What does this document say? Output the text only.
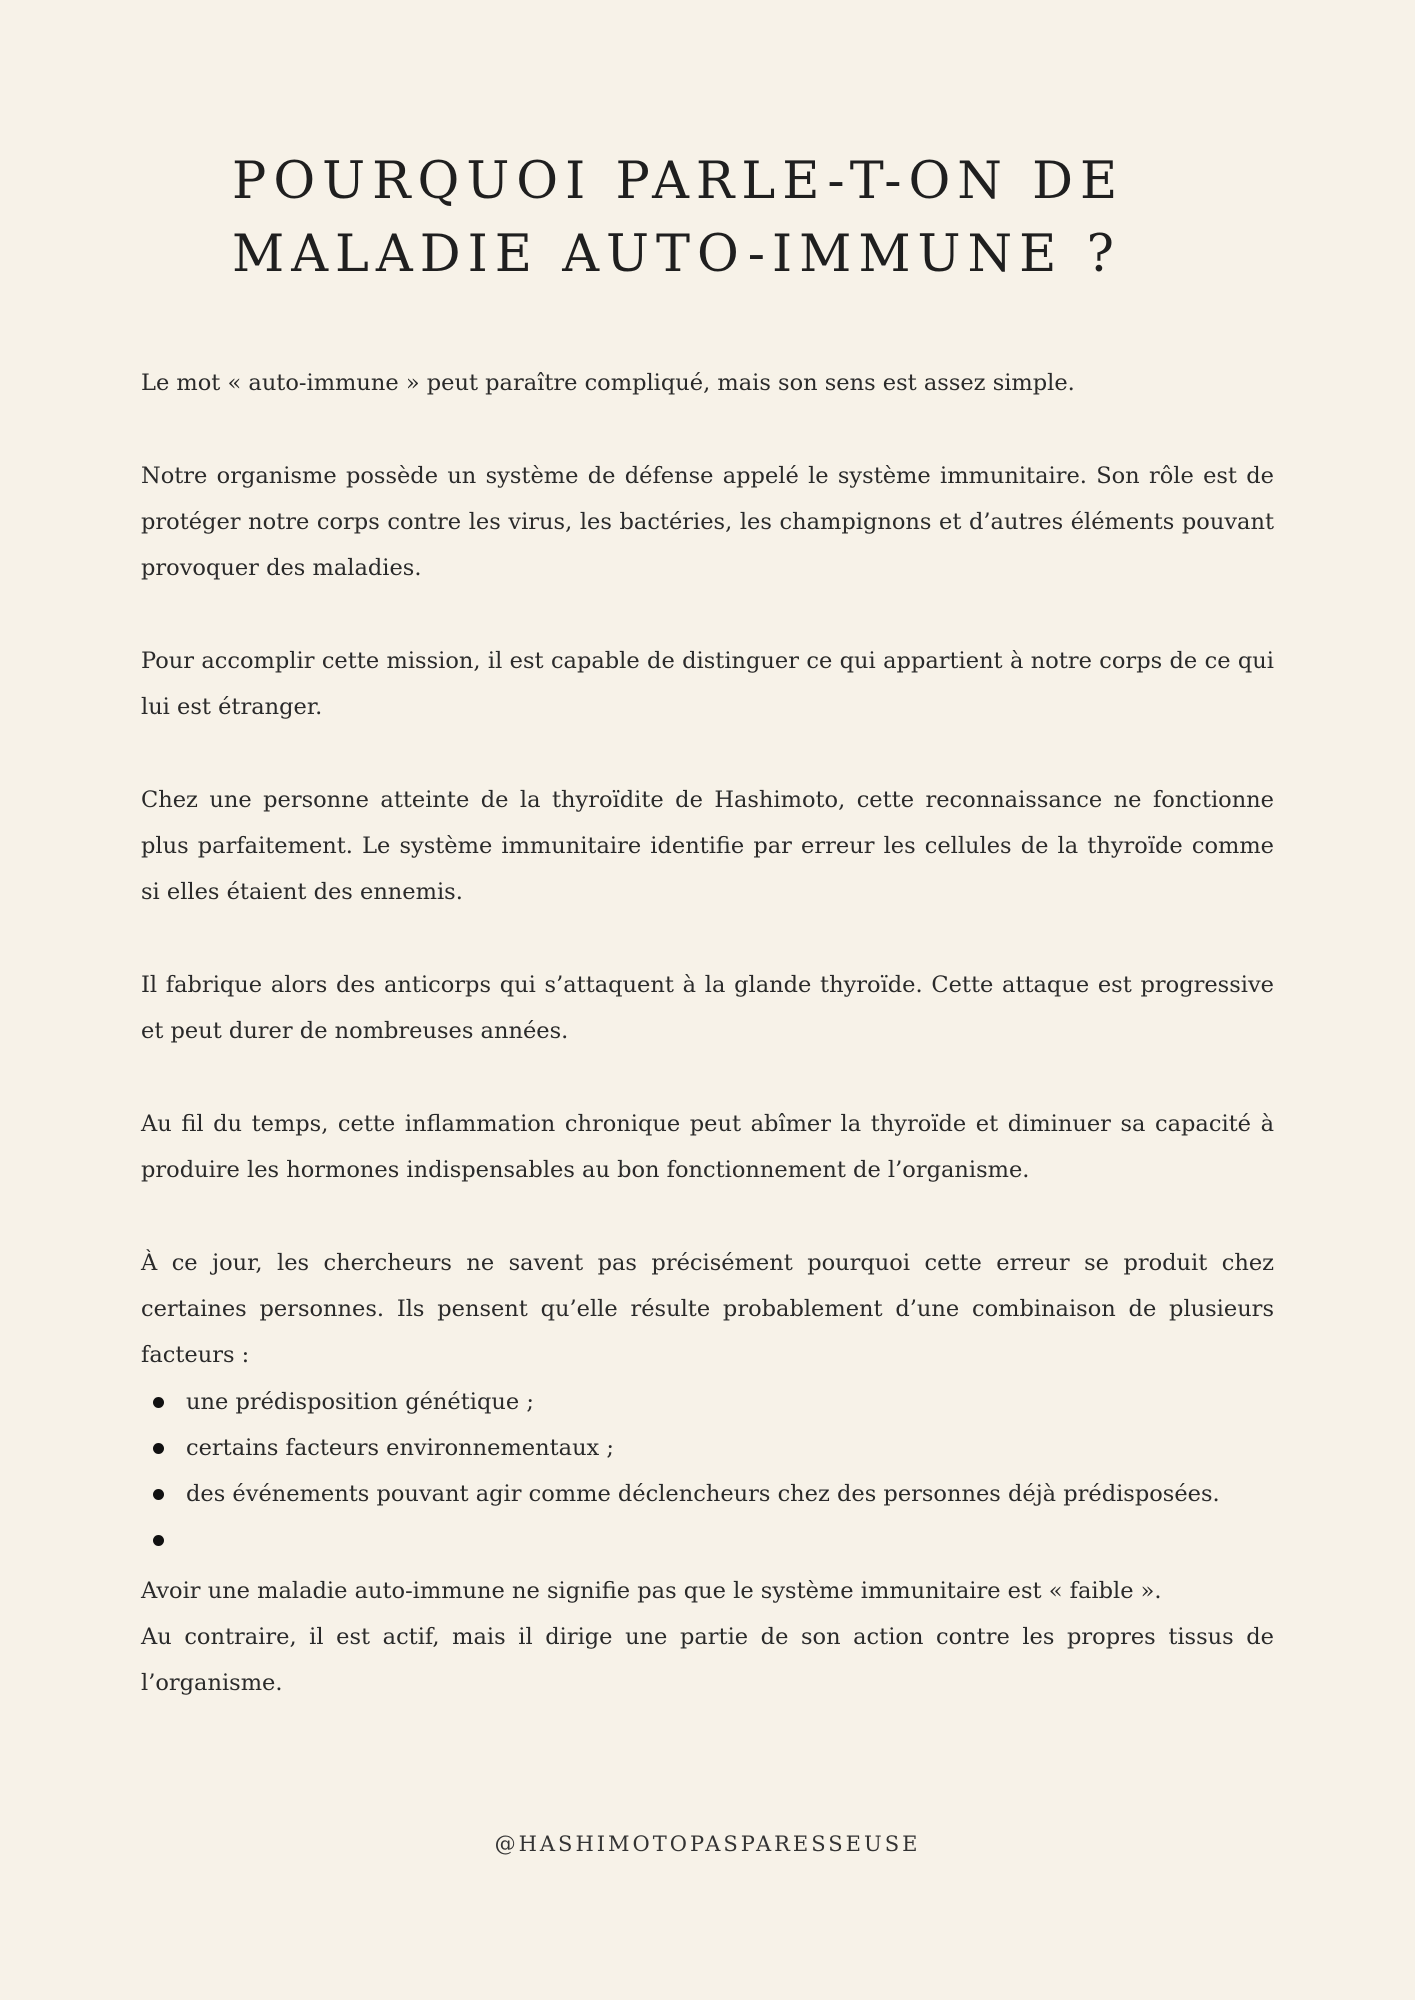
POURQUOI PARLE-T-ON DE
MALADIE AUTO-IMMUNE ?

Le mot « auto-immune » peut paraître compliqué, mais son sens est assez simple.

Notre organisme possède un système de défense appelé le système immunitaire. Son rôle est de protéger notre corps contre les virus, les bactéries, les champignons et d’autres éléments pouvant provoquer des maladies.

Pour accomplir cette mission, il est capable de distinguer ce qui appartient à notre corps de ce qui lui est étranger.

Chez une personne atteinte de la thyroïdite de Hashimoto, cette reconnaissance ne fonctionne plus parfaitement. Le système immunitaire identifie par erreur les cellules de la thyroïde comme si elles étaient des ennemis.

Il fabrique alors des anticorps qui s’attaquent à la glande thyroïde. Cette attaque est progressive et peut durer de nombreuses années.

Au fil du temps, cette inflammation chronique peut abîmer la thyroïde et diminuer sa capacité à produire les hormones indispensables au bon fonctionnement de l’organisme.

À ce jour, les chercheurs ne savent pas précisément pourquoi cette erreur se produit chez certaines personnes. Ils pensent qu’elle résulte probablement d’une combinaison de plusieurs facteurs :

une prédisposition génétique ;
certains facteurs environnementaux ;
des événements pouvant agir comme déclencheurs chez des personnes déjà prédisposées.

Avoir une maladie auto-immune ne signifie pas que le système immunitaire est « faible ».

Au contraire, il est actif, mais il dirige une partie de son action contre les propres tissus de l’organisme.

@HASHIMOTOPASPARESSEUSE
